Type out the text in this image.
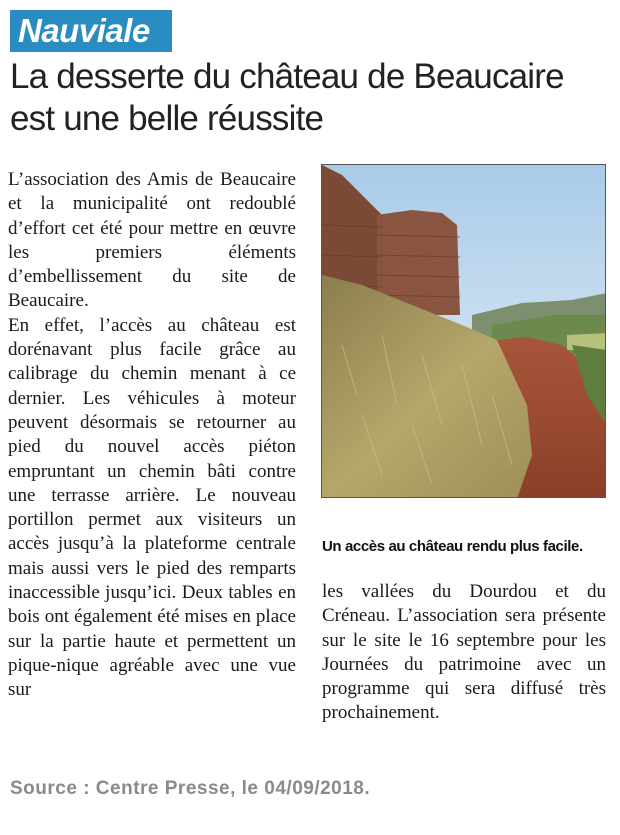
Nauviale
La desserte du château de Beaucaire est une belle réussite

L’association des Amis de Beaucaire et la municipalité ont redoublé d’effort cet été pour mettre en œuvre les premiers éléments d’embellissement du site de Beaucaire.

En effet, l’accès au château est dorénavant plus facile grâce au calibrage du chemin menant à ce dernier. Les véhicules à moteur peuvent désormais se retourner au pied du nouvel accès piéton empruntant un chemin bâti contre une terrasse arrière. Le nouveau portillon permet aux visiteurs un accès jusqu’à la plateforme centrale mais aussi vers le pied des remparts inaccessible jusqu’ici. Deux tables en bois ont également été mises en place sur la partie haute et permettent un pique-nique agréable avec une vue sur

Un accès au château rendu plus facile.

les vallées du Dourdou et du Créneau. L’association sera présente sur le site le 16 septembre pour les Journées du patrimoine avec un programme qui sera diffusé très prochainement.

Source : Centre Presse, le 04/09/2018.
